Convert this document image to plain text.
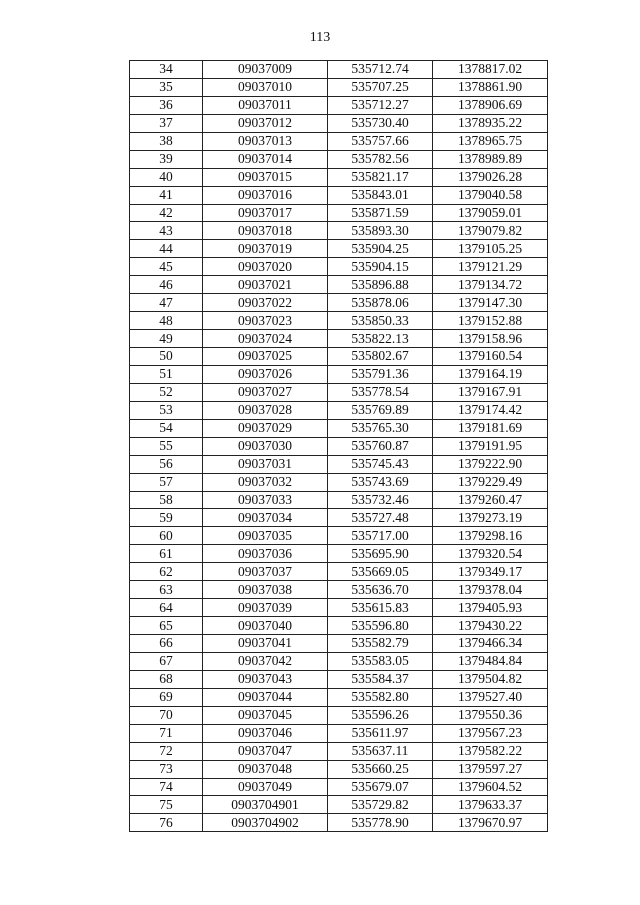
113
34	09037009	535712.74	1378817.02
35	09037010	535707.25	1378861.90
36	09037011	535712.27	1378906.69
37	09037012	535730.40	1378935.22
38	09037013	535757.66	1378965.75
39	09037014	535782.56	1378989.89
40	09037015	535821.17	1379026.28
41	09037016	535843.01	1379040.58
42	09037017	535871.59	1379059.01
43	09037018	535893.30	1379079.82
44	09037019	535904.25	1379105.25
45	09037020	535904.15	1379121.29
46	09037021	535896.88	1379134.72
47	09037022	535878.06	1379147.30
48	09037023	535850.33	1379152.88
49	09037024	535822.13	1379158.96
50	09037025	535802.67	1379160.54
51	09037026	535791.36	1379164.19
52	09037027	535778.54	1379167.91
53	09037028	535769.89	1379174.42
54	09037029	535765.30	1379181.69
55	09037030	535760.87	1379191.95
56	09037031	535745.43	1379222.90
57	09037032	535743.69	1379229.49
58	09037033	535732.46	1379260.47
59	09037034	535727.48	1379273.19
60	09037035	535717.00	1379298.16
61	09037036	535695.90	1379320.54
62	09037037	535669.05	1379349.17
63	09037038	535636.70	1379378.04
64	09037039	535615.83	1379405.93
65	09037040	535596.80	1379430.22
66	09037041	535582.79	1379466.34
67	09037042	535583.05	1379484.84
68	09037043	535584.37	1379504.82
69	09037044	535582.80	1379527.40
70	09037045	535596.26	1379550.36
71	09037046	535611.97	1379567.23
72	09037047	535637.11	1379582.22
73	09037048	535660.25	1379597.27
74	09037049	535679.07	1379604.52
75	0903704901	535729.82	1379633.37
76	0903704902	535778.90	1379670.97
